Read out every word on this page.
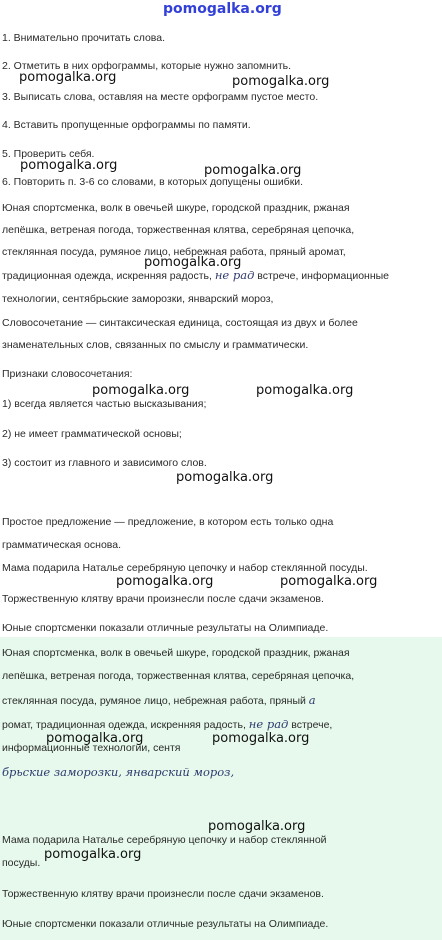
pomogalka.org
1. Внимательно прочитать слова.
2. Отметить в них орфограммы, которые нужно запомнить.
3. Выписать слова, оставляя на месте орфограмм пустое место.
4. Вставить пропущенные орфограммы по памяти.
5. Проверить себя.
6. Повторить п. 3-6 со словами, в которых допущены ошибки.
Юная спортсменка, волк в овечьей шкуре, городской праздник, ржаная
лепёшка, ветреная погода, торжественная клятва, серебряная цепочка,
стеклянная посуда, румяное лицо, небрежная работа, пряный аромат,
традиционная одежда, искренняя радость, не рад встрече, информационные
технологии, сентябрьские заморозки, январский мороз,
Словосочетание — синтаксическая единица, состоящая из двух и более
знаменательных слов, связанных по смыслу и грамматически.
Признаки словосочетания:
1) всегда является частью высказывания;
2) не имеет грамматической основы;
3) состоит из главного и зависимого слов.
Простое предложение — предложение, в котором есть только одна
грамматическая основа.
Мама подарила Наталье серебряную цепочку и набор стеклянной посуды.
Торжественную клятву врачи произнесли после сдачи экзаменов.
Юные спортсменки показали отличные результаты на Олимпиаде.
Юная спортсменка, волк в овечьей шкуре, городской праздник, ржаная
лепёшка, ветреная погода, торжественная клятва, серебряная цепочка,
стеклянная посуда, румяное лицо, небрежная работа, пряный а
ромат, традиционная одежда, искренняя радость, не рад встрече,
информационные технологии, сентя
брьские заморозки, январский мороз,
Мама подарила Наталье серебряную цепочку и набор стеклянной
посуды.
Торжественную клятву врачи произнесли после сдачи экзаменов.
Юные спортсменки показали отличные результаты на Олимпиаде.
pomogalka.org	pomogalka.org
pomogalka.org	pomogalka.org
pomogalka.org
pomogalka.org	pomogalka.org
pomogalka.org
pomogalka.org	pomogalka.org
pomogalka.org	pomogalka.org
pomogalka.org
pomogalka.org
